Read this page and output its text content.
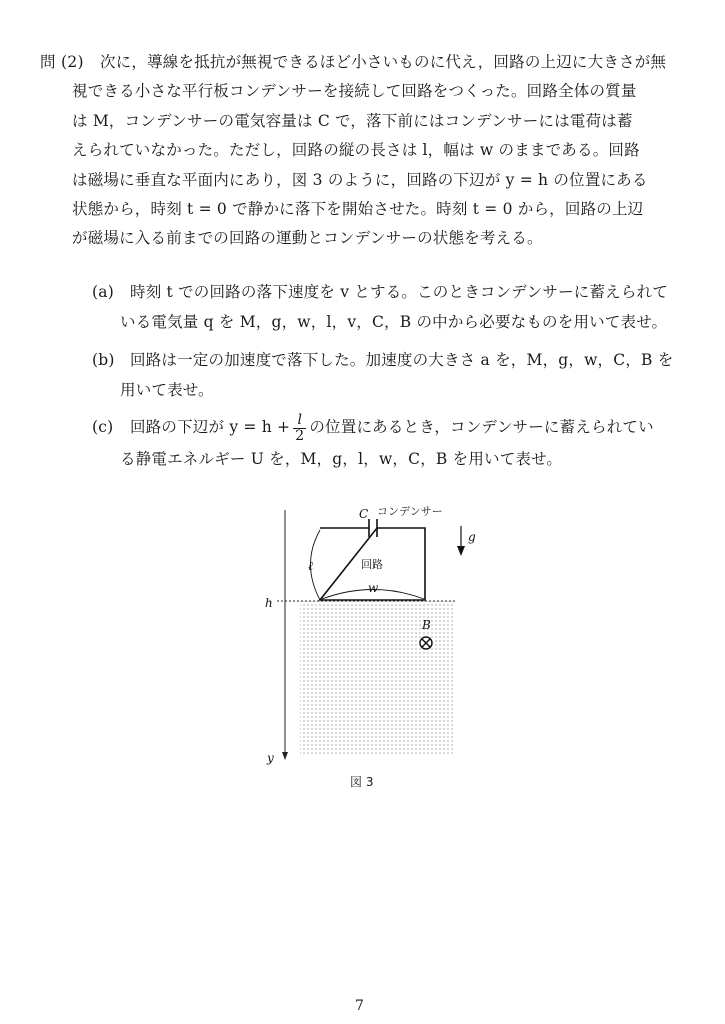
問 (2) 次に，導線を抵抗が無視できるほど小さいものに代え，回路の上辺に大きさが無
視できる小さな平行板コンデンサーを接続して回路をつくった。回路全体の質量
は M，コンデンサーの電気容量は C で，落下前にはコンデンサーには電荷は蓄
えられていなかった。ただし，回路の縦の長さは l，幅は w のままである。回路
は磁場に垂直な平面内にあり，図 3 のように，回路の下辺が y = h の位置にある
状態から，時刻 t = 0 で静かに落下を開始させた。時刻 t = 0 から，回路の上辺
が磁場に入る前までの回路の運動とコンデンサーの状態を考える。
(a) 時刻 t での回路の落下速度を v とする。このときコンデンサーに蓄えられて
いる電気量 q を M，g，w，l，v，C，B の中から必要なものを用いて表せ。
(b) 回路は一定の加速度で落下した。加速度の大きさ a を，M，g，w，C，B を
用いて表せ。
(c) 回路の下辺が $y = h + \frac{l}{2}$ の位置にあるとき，コンデンサーに蓄えられてい
る静電エネルギー U を，M，g，l，w，C，B を用いて表せ。
C コンデンサー
g
回路
ℓ
w
h
B
y
図 3
7
